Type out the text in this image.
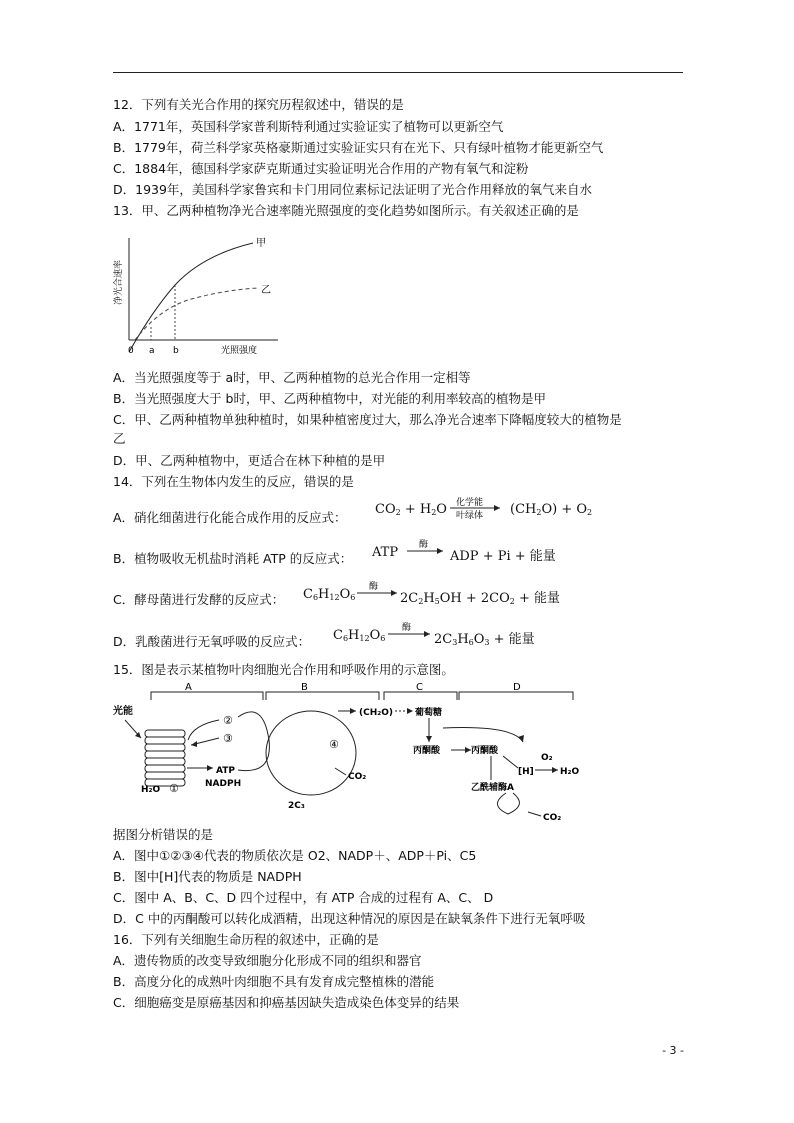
12．下列有关光合作用的探究历程叙述中，错误的是
A．1771年，英国科学家普利斯特利通过实验证实了植物可以更新空气
B．1779年，荷兰科学家英格豪斯通过实验证实只有在光下、只有绿叶植物才能更新空气
C．1884年，德国科学家萨克斯通过实验证明光合作用的产物有氧气和淀粉
D．1939年，美国科学家鲁宾和卡门用同位素标记法证明了光合作用释放的氧气来自水
13．甲、乙两种植物净光合速率随光照强度的变化趋势如图所示。有关叙述正确的是
净光合速率
0 a b	光照强度
甲
乙
A．当光照强度等于 a时，甲、乙两种植物的总光合作用一定相等
B．当光照强度大于 b时，甲、乙两种植物中，对光能的利用率较高的植物是甲
C．甲、乙两种植物单独种植时，如果种植密度过大，那么净光合速率下降幅度较大的植物是
乙
D．甲、乙两种植物中，更适合在林下种植的是甲
14．下列在生物体内发生的反应，错误的是
A．硝化细菌进行化能合成作用的反应式：
$CO_2 + H_2O$ 化学能
叶绿体 $(CH_2O) + O_2$
B．植物吸收无机盐时消耗 ATP 的反应式： ATP 酶
ADP + Pi + 能量
C．酵母菌进行发酵的反应式： $C_6H_{12}O_6$
酶
$2C_2H_5OH + 2CO_2$ + 能量
D．乳酸菌进行无氧呼吸的反应式： $C_6H_{12}O_6$
酶
$2C_3H_6O_3$ + 能量
15．图是表示某植物叶肉细胞光合作用和呼吸作用的示意图。
A	B	C	D
光能
②
③
ATP
NADPH
H₂O ①
④
2C₃
CO₂
(CH₂O) 葡萄糖
丙酮酸	丙酮酸
[H]
O₂
H₂O
乙酰辅酶A
CO₂
据图分析错误的是
A．图中①②③④代表的物质依次是 O2、NADP＋、ADP＋Pi、C5
B．图中[H]代表的物质是 NADPH
C．图中 A、B、C、D 四个过程中，有 ATP 合成的过程有 A、C、 D
D．C 中的丙酮酸可以转化成酒精，出现这种情况的原因是在缺氧条件下进行无氧呼吸
16．下列有关细胞生命历程的叙述中，正确的是
A．遗传物质的改变导致细胞分化形成不同的组织和器官
B．高度分化的成熟叶肉细胞不具有发育成完整植株的潜能
C．细胞癌变是原癌基因和抑癌基因缺失造成染色体变异的结果
- 3 -
